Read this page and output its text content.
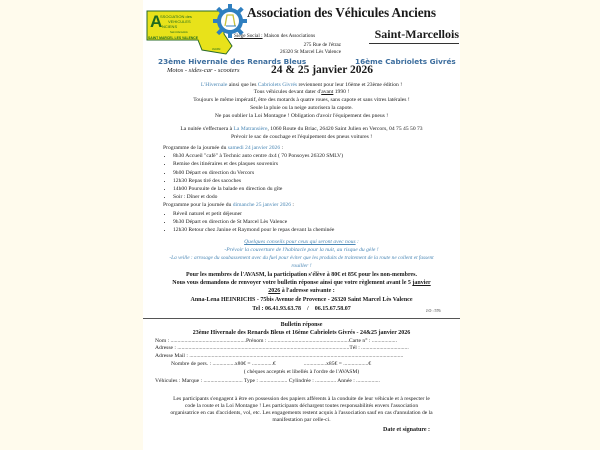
A
SSOCIATION des
VEHICULES
NCIENS
Saint-Marcellois
SAINT MARCEL LES VALENCE
AVASM
Association des Véhicules Anciens
Saint-Marcellois
Siège Social : Maison des Associations
275 Rue de l'étraz
26320 St Marcel Lès Valence
23ème Hivernale des Renards Bleus	16ème Cabriolets Givrés
Motos - sides-car - scooters	24 & 25 janvier 2026
L'Hivernale ainsi que les Cabriolets Givrés reviennent pour leur 16ème et 23ème édition !
Tous véhicules devant dater d'avant 1990 !
Toujours le même impératif, être des motards à quatre roues, sans capote et sans vitres latérales !
Seule la pluie ou la neige autorisera la capote.
Ne pas oublier la Loi Montagne ! Obligation d'avoir l'équipement des pneus !
La nuitée s'effectuera à La Matransière, 1060 Route du Briac, 26420 Saint Julien en Vercors, 04 75 45 50 73
Prévoir le sac de couchage et l'équipement des pneus voitures !
Programme de la journée du samedi 24 janvier 2026 :
• 8h30 Accueil "café" à Technic auto centre 4x4 ( 70 Ponsoyes 26320 SMLV)
• Remise des itinéraires et des plaques souvenirs
• 9h00 Départ en direction du Vercors
• 12h30 Repas tiré des sacoches
• 14h00 Poursuite de la balade en direction du gîte
• Soir : Dîner et dodo
Programme pour la journée du dimanche 25 janvier 2026 :
• Réveil naturel et petit déjeuner
• 9h30 Départ en direction de St Marcel Lès Valence
• 12h30 Retour chez Janine et Raymond pour le repas devant la cheminée
Quelques conseils pour ceux qui seront avec nous :
-Prévoir la couverture de l'habitacle pour la nuit, au risque du gèle !
-La veille : arrosage du soubassement avec du fuel pour éviter que les produits de traitement de la route ne collent et fassent
rouiller !
Pour les membres de l'AVASM, la participation s'élève à 80€ et 85€ pour les non-membres.
Nous vous demandons de renvoyer votre bulletin réponse ainsi que votre règlement avant le 5 janvier
2026 à l'adresse suivante :
Anna-Lena HEINRICHS - 75bis Avenue de Provence - 26320 Saint Marcel Lès Valence
Tel : 06.41.93.63.78    /    06.15.67.58.07	J.O : 576
Bulletin réponse
23ème Hivernale des Renards Bleus et 16ème Cabriolets Givrés - 24&25 janvier 2026
Nom : ......................................................Prénom : ..........................................................Carte n° : ..................
Adresse : ...........................................................................................................................Tél : ..................................
Adresse Mail : .........................................................................................................................................................
Nombre de pers. : ................x80€ = ...............€                    ................x85€ = ..................€
( chèques acceptés et libellés à l'ordre de l'AVASM)
Véhicules : Marque : ............................ Type : .................... Cylindrée : ............... Année : .................
Les participants s'engagent à être en possession des papiers afférents à la conduite de leur véhicule et à respecter le
code la route et la Loi Montagne ! Les participants déchargent toutes responsabilités envers l'association
organisatrice en cas d'accidents, vol, etc. Les engagements restent acquis à l'association sauf en cas d'annulation de la
manifestation par celle-ci.
Date et signature :
